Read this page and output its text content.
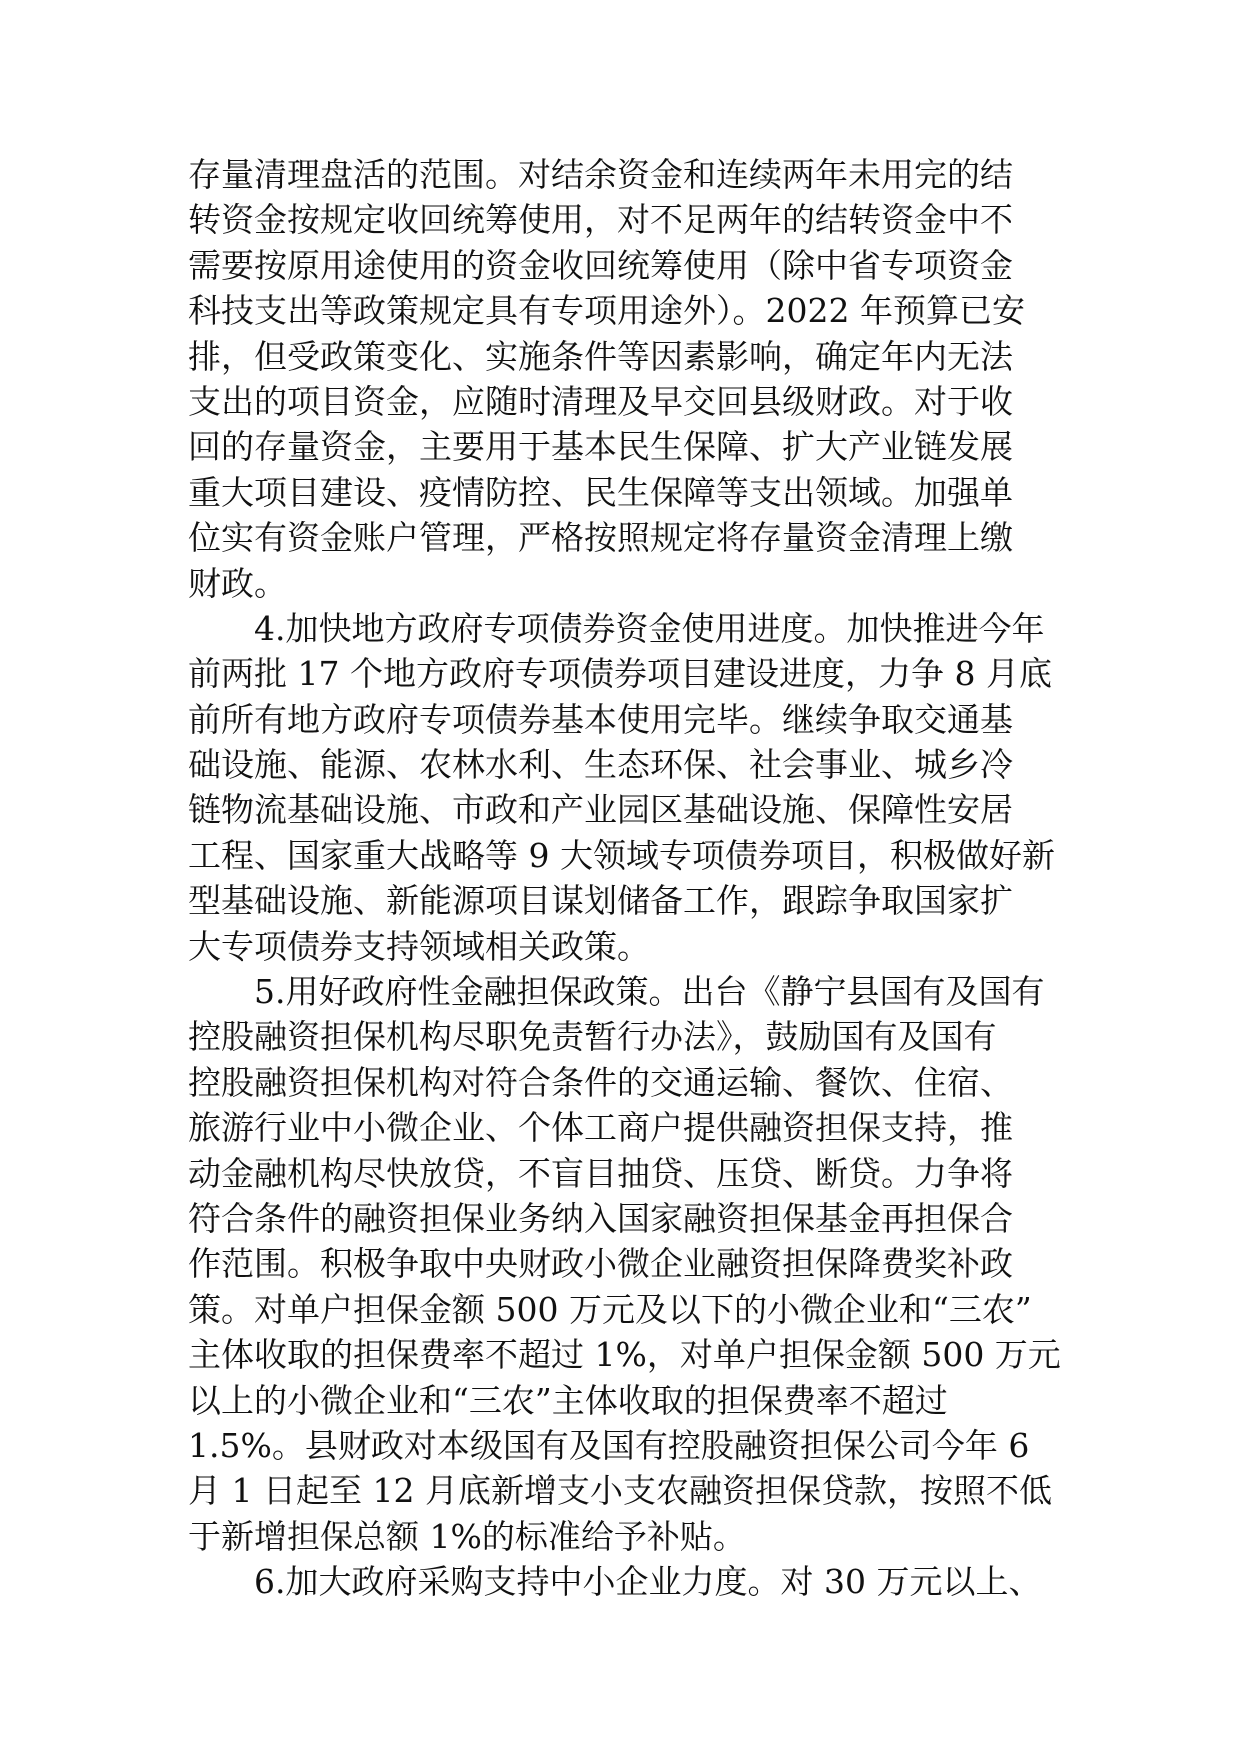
存量清理盘活的范围。对结余资金和连续两年未用完的结
转资金按规定收回统筹使用，对不足两年的结转资金中不
需要按原用途使用的资金收回统筹使用（除中省专项资金
科技支出等政策规定具有专项用途外）。2022 年预算已安
排，但受政策变化、实施条件等因素影响，确定年内无法
支出的项目资金，应随时清理及早交回县级财政。对于收
回的存量资金，主要用于基本民生保障、扩大产业链发展
重大项目建设、疫情防控、民生保障等支出领域。加强单
位实有资金账户管理，严格按照规定将存量资金清理上缴
财政。
4.加快地方政府专项债券资金使用进度。加快推进今年
前两批 17 个地方政府专项债券项目建设进度，力争 8 月底
前所有地方政府专项债券基本使用完毕。继续争取交通基
础设施、能源、农林水利、生态环保、社会事业、城乡冷
链物流基础设施、市政和产业园区基础设施、保障性安居
工程、国家重大战略等 9 大领域专项债券项目，积极做好新
型基础设施、新能源项目谋划储备工作，跟踪争取国家扩
大专项债券支持领域相关政策。
5.用好政府性金融担保政策。出台《静宁县国有及国有
控股融资担保机构尽职免责暂行办法》，鼓励国有及国有
控股融资担保机构对符合条件的交通运输、餐饮、住宿、
旅游行业中小微企业、个体工商户提供融资担保支持，推
动金融机构尽快放贷，不盲目抽贷、压贷、断贷。力争将
符合条件的融资担保业务纳入国家融资担保基金再担保合
作范围。积极争取中央财政小微企业融资担保降费奖补政
策。对单户担保金额 500 万元及以下的小微企业和“三农”
主体收取的担保费率不超过 1%，对单户担保金额 500 万元
以上的小微企业和“三农”主体收取的担保费率不超过
1.5%。县财政对本级国有及国有控股融资担保公司今年 6
月 1 日起至 12 月底新增支小支农融资担保贷款，按照不低
于新增担保总额 1%的标准给予补贴。
6.加大政府采购支持中小企业力度。对 30 万元以上、
